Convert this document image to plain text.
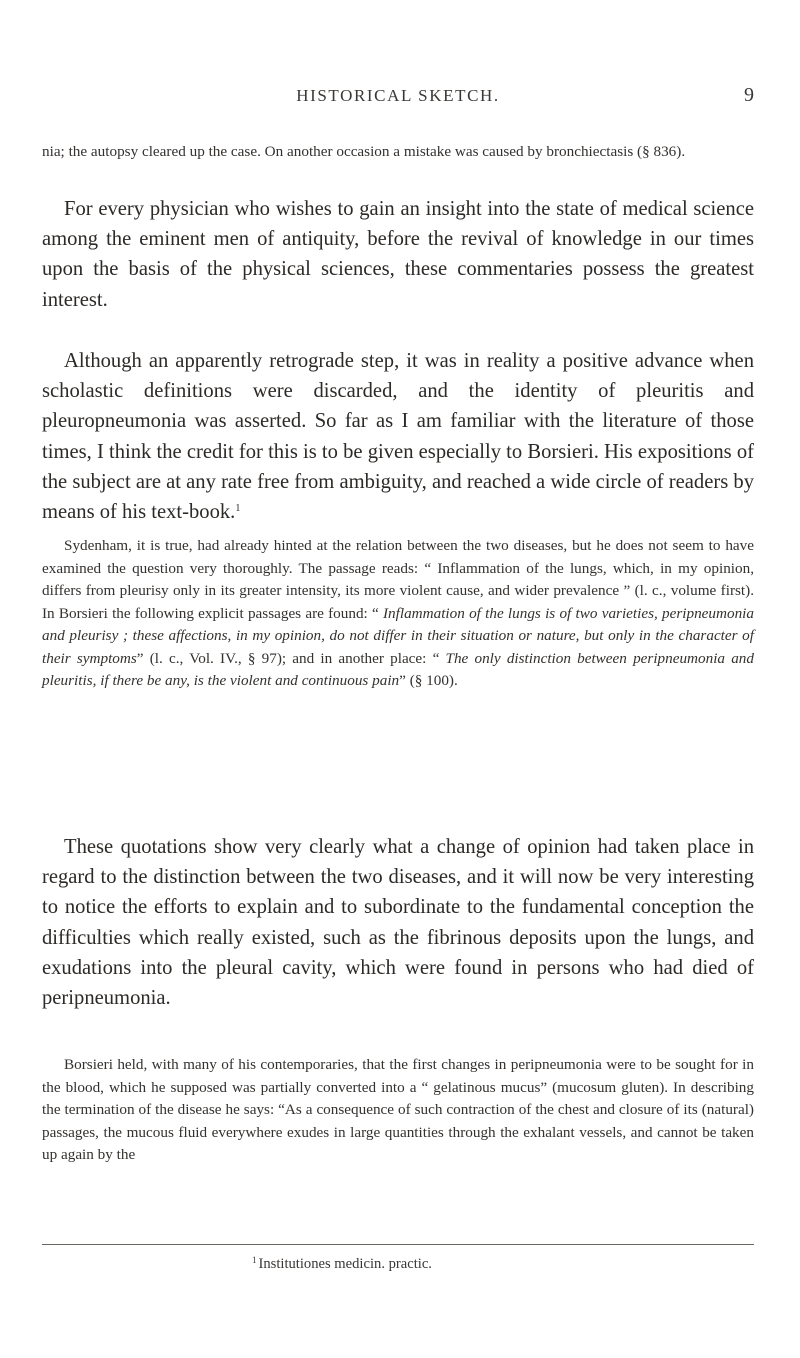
HISTORICAL SKETCH.	9

nia; the autopsy cleared up the case. On another occasion a mistake was caused by bronchiectasis (§ 836).

For every physician who wishes to gain an insight into the state of medical science among the eminent men of antiquity, before the revival of knowledge in our times upon the basis of the physical sciences, these commentaries possess the greatest interest.

Although an apparently retrograde step, it was in reality a positive advance when scholastic definitions were discarded, and the identity of pleuritis and pleuropneumonia was asserted. So far as I am familiar with the literature of those times, I think the credit for this is to be given especially to Borsieri. His expositions of the subject are at any rate free from ambiguity, and reached a wide circle of readers by means of his text-book.$^1$

Sydenham, it is true, had already hinted at the relation between the two diseases, but he does not seem to have examined the question very thoroughly. The passage reads: “ Inflammation of the lungs, which, in my opinion, differs from pleurisy only in its greater intensity, its more violent cause, and wider prevalence ” (l. c., volume first). In Borsieri the following explicit passages are found: “ Inflammation of the lungs is of two varieties, peripneumonia and pleurisy ; these affections, in my opinion, do not differ in their situation or nature, but only in the character of their symptoms” (l. c., Vol. IV., § 97); and in another place: “ The only distinction between peripneumonia and pleuritis, if there be any, is the violent and continuous pain” (§ 100).

These quotations show very clearly what a change of opinion had taken place in regard to the distinction between the two diseases, and it will now be very interesting to notice the efforts to explain and to subordinate to the fundamental conception the difficulties which really existed, such as the fibrinous deposits upon the lungs, and exudations into the pleural cavity, which were found in persons who had died of peripneumonia.

Borsieri held, with many of his contemporaries, that the first changes in peripneumonia were to be sought for in the blood, which he supposed was partially converted into a “ gelatinous mucus” (mucosum gluten). In describing the termination of the disease he says: “As a consequence of such contraction of the chest and closure of its (natural) passages, the mucous fluid everywhere exudes in large quantities through the exhalant vessels, and cannot be taken up again by the

$^1$ Institutiones medicin. practic.
